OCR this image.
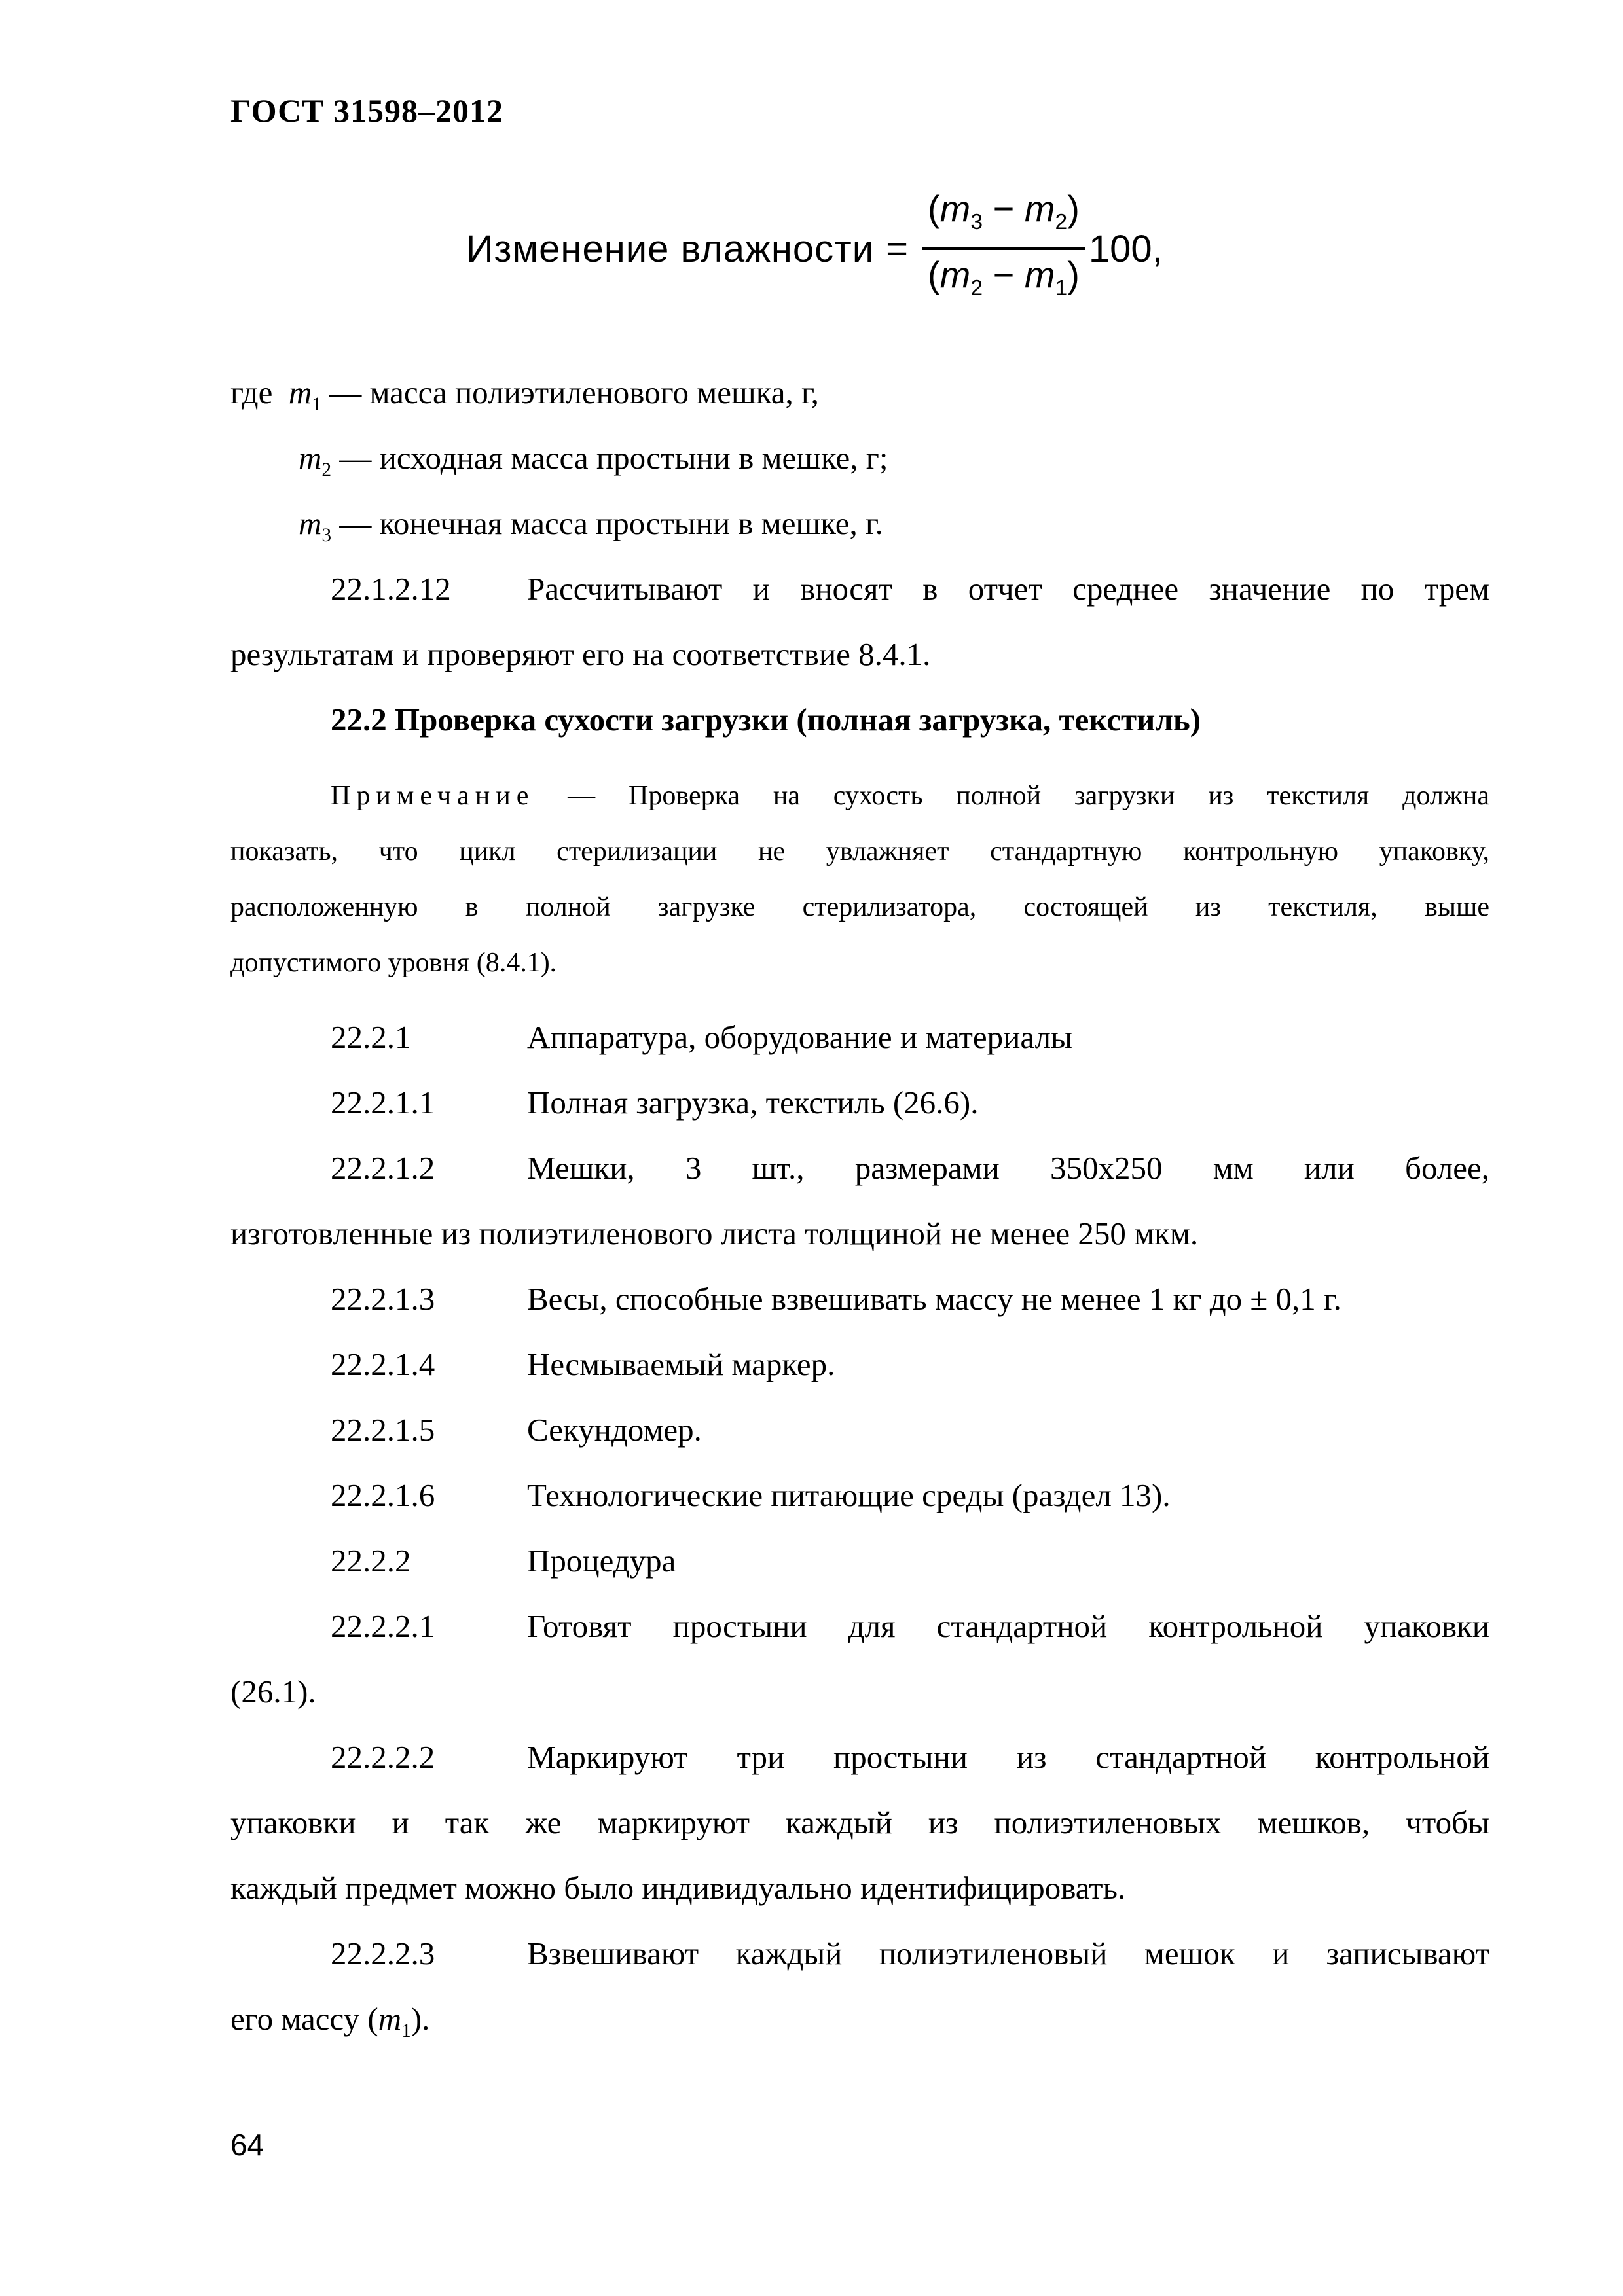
ГОСТ 31598–2012
Изменение влажности = $\frac{(m_3 - m_2)}{(m_2 - m_1)} 100$,
где $m_1$ — масса полиэтиленового мешка, г,
$m_2$ — исходная масса простыни в мешке, г;
$m_3$ — конечная масса простыни в мешке, г.
22.1.2.12 Рассчитывают и вносят в отчет среднее значение по трем
результатам и проверяют его на соответствие 8.4.1.
22.2 Проверка сухости загрузки (полная загрузка, текстиль)
Примечание — Проверка на сухость полной загрузки из текстиля должна
показать, что цикл стерилизации не увлажняет стандартную контрольную упаковку,
расположенную в полной загрузке стерилизатора, состоящей из текстиля, выше
допустимого уровня (8.4.1).
22.2.1	Аппаратура, оборудование и материалы
22.2.1.1	Полная загрузка, текстиль (26.6).
22.2.1.2	Мешки, 3 шт., размерами 350х250 мм или более,
изготовленные из полиэтиленового листа толщиной не менее 250 мкм.
22.2.1.3	Весы, способные взвешивать массу не менее 1 кг до ± 0,1 г.
22.2.1.4	Несмываемый маркер.
22.2.1.5	Секундомер.
22.2.1.6	Технологические питающие среды (раздел 13).
22.2.2	Процедура
22.2.2.1	Готовят простыни для стандартной контрольной упаковки
(26.1).
22.2.2.2	Маркируют три простыни из стандартной контрольной
упаковки и так же маркируют каждый из полиэтиленовых мешков, чтобы
каждый предмет можно было индивидуально идентифицировать.
22.2.2.3	Взвешивают каждый полиэтиленовый мешок и записывают
его массу $(m_1)$.
64
